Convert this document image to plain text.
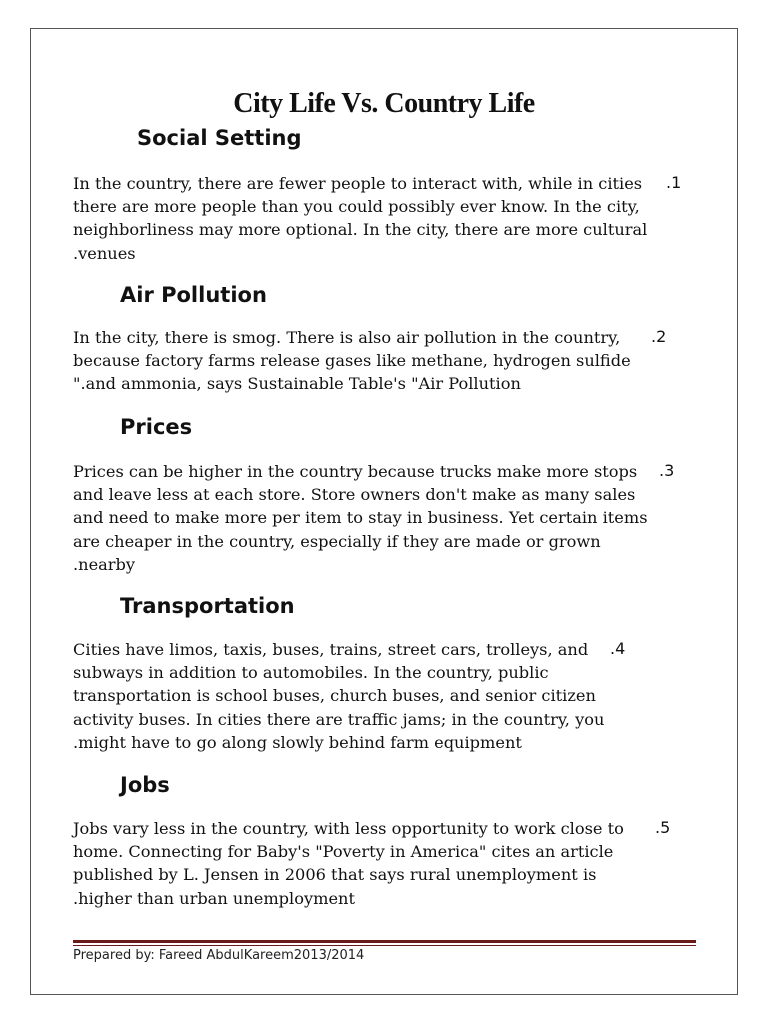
City Life Vs. Country Life
Social Setting
In the country, there are fewer people to interact with, while in cities
there are more people than you could possibly ever know. In the city,
neighborliness may more optional. In the city, there are more cultural
.venues
.1
Air Pollution
In the city, there is smog. There is also air pollution in the country,
because factory farms release gases like methane, hydrogen sulfide
".and ammonia, says Sustainable Table's "Air Pollution
.2
Prices
Prices can be higher in the country because trucks make more stops
and leave less at each store. Store owners don't make as many sales
and need to make more per item to stay in business. Yet certain items
are cheaper in the country, especially if they are made or grown
.nearby
.3
Transportation
Cities have limos, taxis, buses, trains, street cars, trolleys, and
subways in addition to automobiles. In the country, public
transportation is school buses, church buses, and senior citizen
activity buses. In cities there are traffic jams; in the country, you
.might have to go along slowly behind farm equipment
.4
Jobs
Jobs vary less in the country, with less opportunity to work close to
home. Connecting for Baby's "Poverty in America" cites an article
published by L. Jensen in 2006 that says rural unemployment is
.higher than urban unemployment
.5
Prepared by: Fareed AbdulKareem2013/2014
